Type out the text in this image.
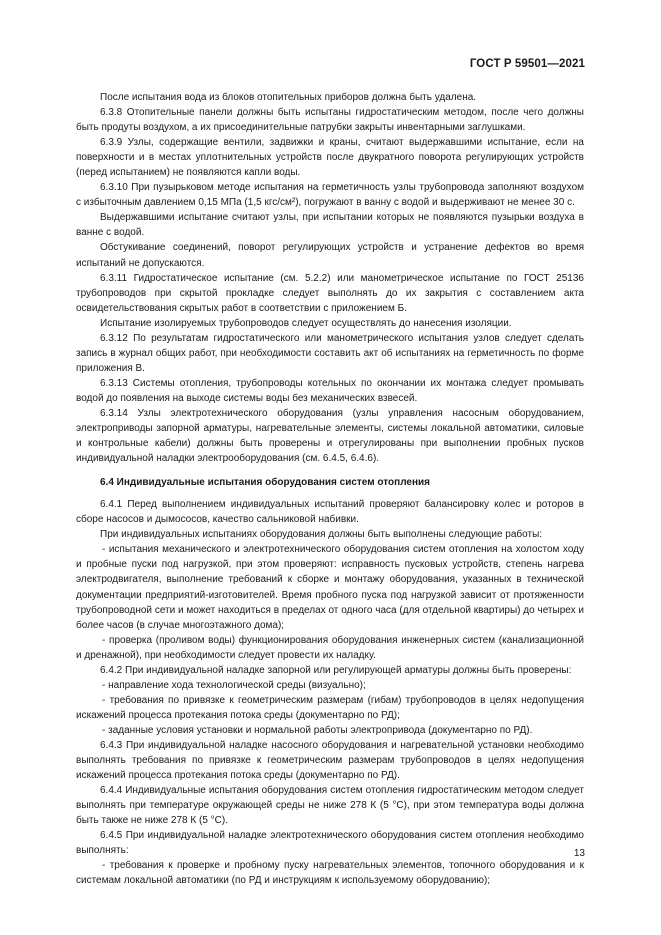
ГОСТ Р 59501—2021

После испытания вода из блоков отопительных приборов должна быть удалена.

6.3.8 Отопительные панели должны быть испытаны гидростатическим методом, после чего должны быть продуты воздухом, а их присоединительные патрубки закрыты инвентарными заглушками.

6.3.9 Узлы, содержащие вентили, задвижки и краны, считают выдержавшими испытание, если на поверхности и в местах уплотнительных устройств после двукратного поворота регулирующих устройств (перед испытанием) не появляются капли воды.

6.3.10 При пузырьковом методе испытания на герметичность узлы трубопровода заполняют воздухом с избыточным давлением 0,15 МПа (1,5 кгс/см²), погружают в ванну с водой и выдерживают не менее 30 с.

Выдержавшими испытание считают узлы, при испытании которых не появляются пузырьки воздуха в ванне с водой.

Обстукивание соединений, поворот регулирующих устройств и устранение дефектов во время испытаний не допускаются.

6.3.11 Гидростатическое испытание (см. 5.2.2) или манометрическое испытание по ГОСТ 25136 трубопроводов при скрытой прокладке следует выполнять до их закрытия с составлением акта освидетельствования скрытых работ в соответствии с приложением Б.

Испытание изолируемых трубопроводов следует осуществлять до нанесения изоляции.

6.3.12 По результатам гидростатического или манометрического испытания узлов следует сделать запись в журнал общих работ, при необходимости составить акт об испытаниях на герметичность по форме приложения В.

6.3.13 Системы отопления, трубопроводы котельных по окончании их монтажа следует промывать водой до появления на выходе системы воды без механических взвесей.

6.3.14 Узлы электротехнического оборудования (узлы управления насосным оборудованием, электроприводы запорной арматуры, нагревательные элементы, системы локальной автоматики, силовые и контрольные кабели) должны быть проверены и отрегулированы при выполнении пробных пусков индивидуальной наладки электрооборудования (см. 6.4.5, 6.4.6).

6.4 Индивидуальные испытания оборудования систем отопления

6.4.1 Перед выполнением индивидуальных испытаний проверяют балансировку колес и роторов в сборе насосов и дымососов, качество сальниковой набивки.

При индивидуальных испытаниях оборудования должны быть выполнены следующие работы:

- испытания механического и электротехнического оборудования систем отопления на холостом ходу и пробные пуски под нагрузкой, при этом проверяют: исправность пусковых устройств, степень нагрева электродвигателя, выполнение требований к сборке и монтажу оборудования, указанных в технической документации предприятий-изготовителей. Время пробного пуска под нагрузкой зависит от протяженности трубопроводной сети и может находиться в пределах от одного часа (для отдельной квартиры) до четырех и более часов (в случае многоэтажного дома);

- проверка (проливом воды) функционирования оборудования инженерных систем (канализационной и дренажной), при необходимости следует провести их наладку.

6.4.2 При индивидуальной наладке запорной или регулирующей арматуры должны быть проверены:

- направление хода технологической среды (визуально);

- требования по привязке к геометрическим размерам (гибам) трубопроводов в целях недопущения искажений процесса протекания потока среды (документарно по РД);

- заданные условия установки и нормальной работы электропривода (документарно по РД).

6.4.3 При индивидуальной наладке насосного оборудования и нагревательной установки необходимо выполнять требования по привязке к геометрическим размерам трубопроводов в целях недопущения искажений процесса протекания потока среды (документарно по РД).

6.4.4 Индивидуальные испытания оборудования систем отопления гидростатическим методом следует выполнять при температуре окружающей среды не ниже 278 К (5 °С), при этом температура воды должна быть также не ниже 278 К (5 °С).

6.4.5 При индивидуальной наладке электротехнического оборудования систем отопления необходимо выполнять:

- требования к проверке и пробному пуску нагревательных элементов, топочного оборудования и к системам локальной автоматики (по РД и инструкциям к используемому оборудованию);

13
